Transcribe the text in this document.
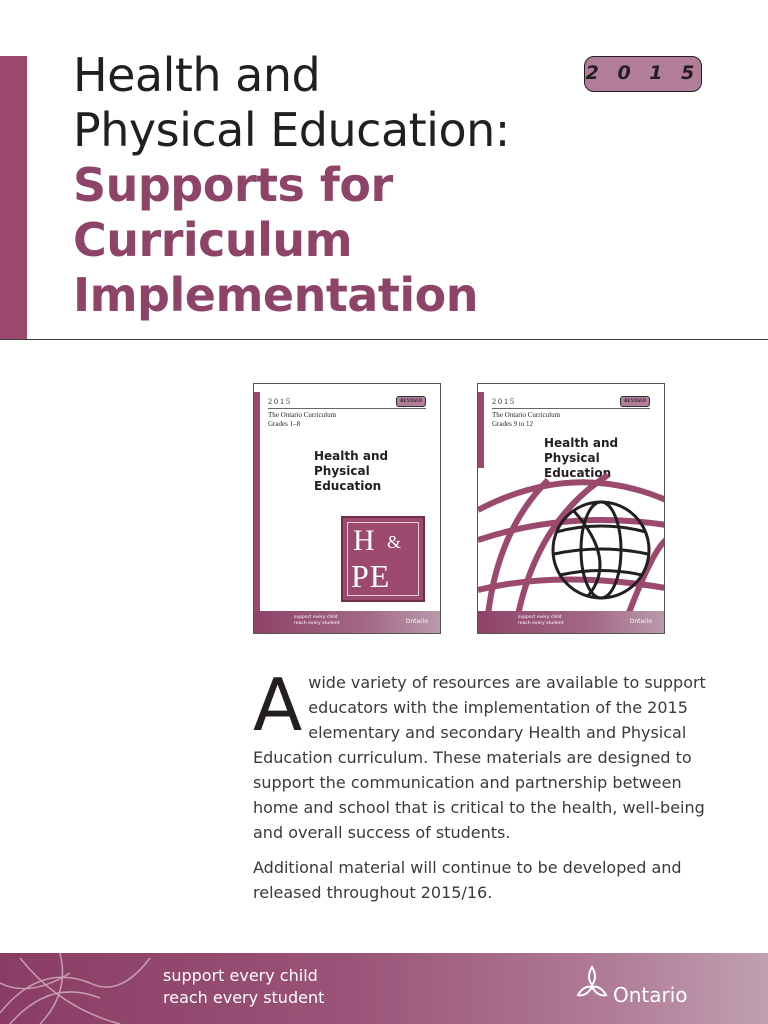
Health and
Physical Education:
Supports for
Curriculum
Implementation
2 0 1 5
2015	REVISED
The Ontario Curriculum
Grades 1–8
Health and
Physical Education
H &
PE
support every child
reach every student	Ontario
2015	REVISED
The Ontario Curriculum
Grades 9 to 12
Health and
Physical Education
support every child
reach every student	Ontario

Awide variety of resources are available to support educators with the implementation of the 2015 elementary and secondary Health and Physical Education curriculum. These materials are designed to support the communication and partnership between home and school that is critical to the health, well-being and overall success of students.

Additional material will continue to be developed and released throughout 2015/16.

support every child
reach every student	Ontario
